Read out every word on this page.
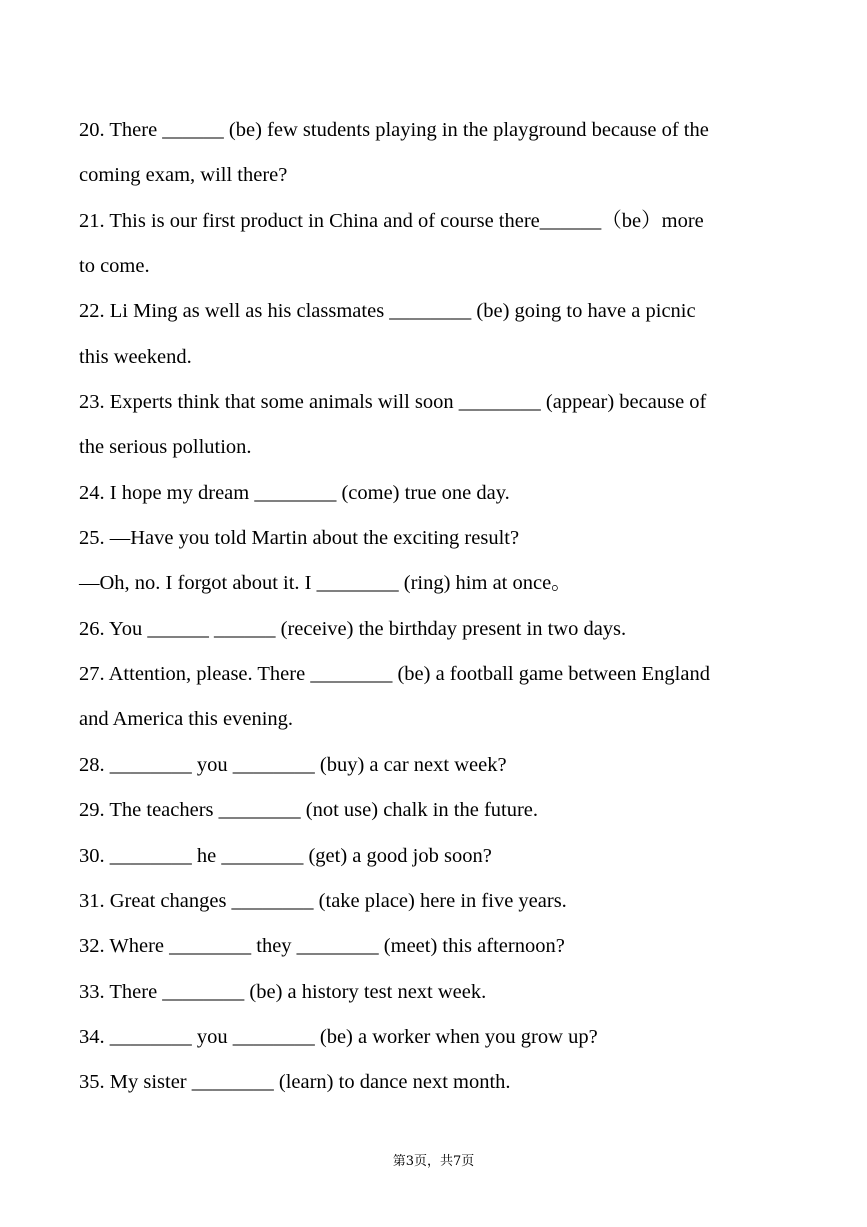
20. There ______ (be) few students playing in the playground because of the
coming exam, will there?
21. This is our first product in China and of course there______（be）more
to come.
22. Li Ming as well as his classmates ________ (be) going to have a picnic
this weekend.
23. Experts think that some animals will soon ________ (appear) because of
the serious pollution.
24. I hope my dream ________ (come) true one day.
25. —Have you told Martin about the exciting result?
—Oh, no. I forgot about it. I ________ (ring) him at once。
26. You ______ ______ (receive) the birthday present in two days.
27. Attention, please. There ________ (be) a football game between England
and America this evening.
28. ________ you ________ (buy) a car next week?
29. The teachers ________ (not use) chalk in the future.
30. ________ he ________ (get) a good job soon?
31. Great changes ________ (take place) here in five years.
32. Where ________ they ________ (meet) this afternoon?
33. There ________ (be) a history test next week.
34. ________ you ________ (be) a worker when you grow up?
35. My sister ________ (learn) to dance next month.
第3页，共7页
